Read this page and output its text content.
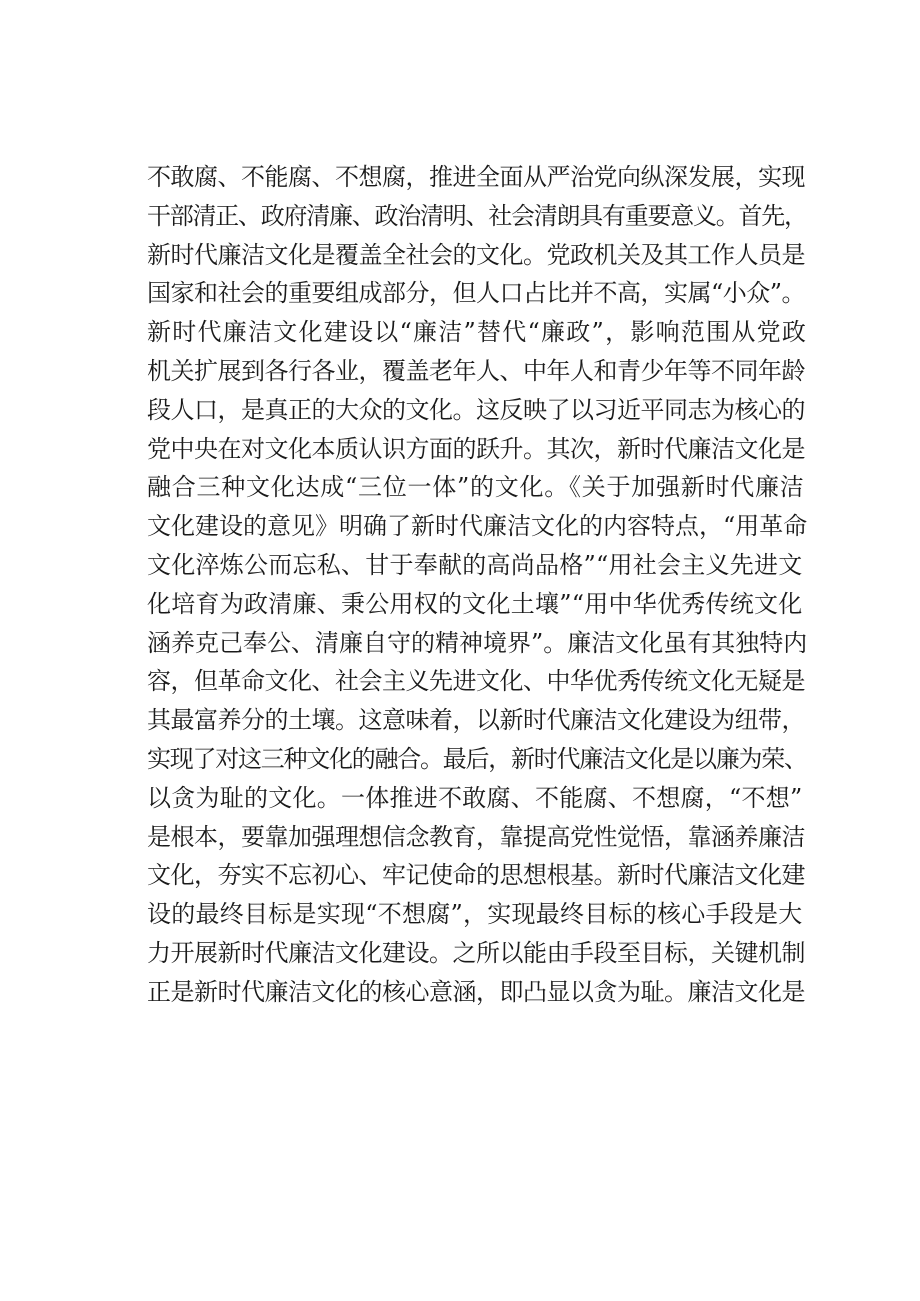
不敢腐、不能腐、不想腐，推进全面从严治党向纵深发展，实现
干部清正、政府清廉、政治清明、社会清朗具有重要意义。首先，
新时代廉洁文化是覆盖全社会的文化。党政机关及其工作人员是
国家和社会的重要组成部分，但人口占比并不高，实属“小众”。
新时代廉洁文化建设以“廉洁”替代“廉政”，影响范围从党政
机关扩展到各行各业，覆盖老年人、中年人和青少年等不同年龄
段人口，是真正的大众的文化。这反映了以习近平同志为核心的
党中央在对文化本质认识方面的跃升。其次，新时代廉洁文化是
融合三种文化达成“三位一体”的文化。《关于加强新时代廉洁
文化建设的意见》明确了新时代廉洁文化的内容特点，“用革命
文化淬炼公而忘私、甘于奉献的高尚品格”“用社会主义先进文
化培育为政清廉、秉公用权的文化土壤”“用中华优秀传统文化
涵养克己奉公、清廉自守的精神境界”。廉洁文化虽有其独特内
容，但革命文化、社会主义先进文化、中华优秀传统文化无疑是
其最富养分的土壤。这意味着，以新时代廉洁文化建设为纽带，
实现了对这三种文化的融合。最后，新时代廉洁文化是以廉为荣、
以贪为耻的文化。一体推进不敢腐、不能腐、不想腐，“不想”
是根本，要靠加强理想信念教育，靠提高党性觉悟，靠涵养廉洁
文化，夯实不忘初心、牢记使命的思想根基。新时代廉洁文化建
设的最终目标是实现“不想腐”，实现最终目标的核心手段是大
力开展新时代廉洁文化建设。之所以能由手段至目标，关键机制
正是新时代廉洁文化的核心意涵，即凸显以贪为耻。廉洁文化是
